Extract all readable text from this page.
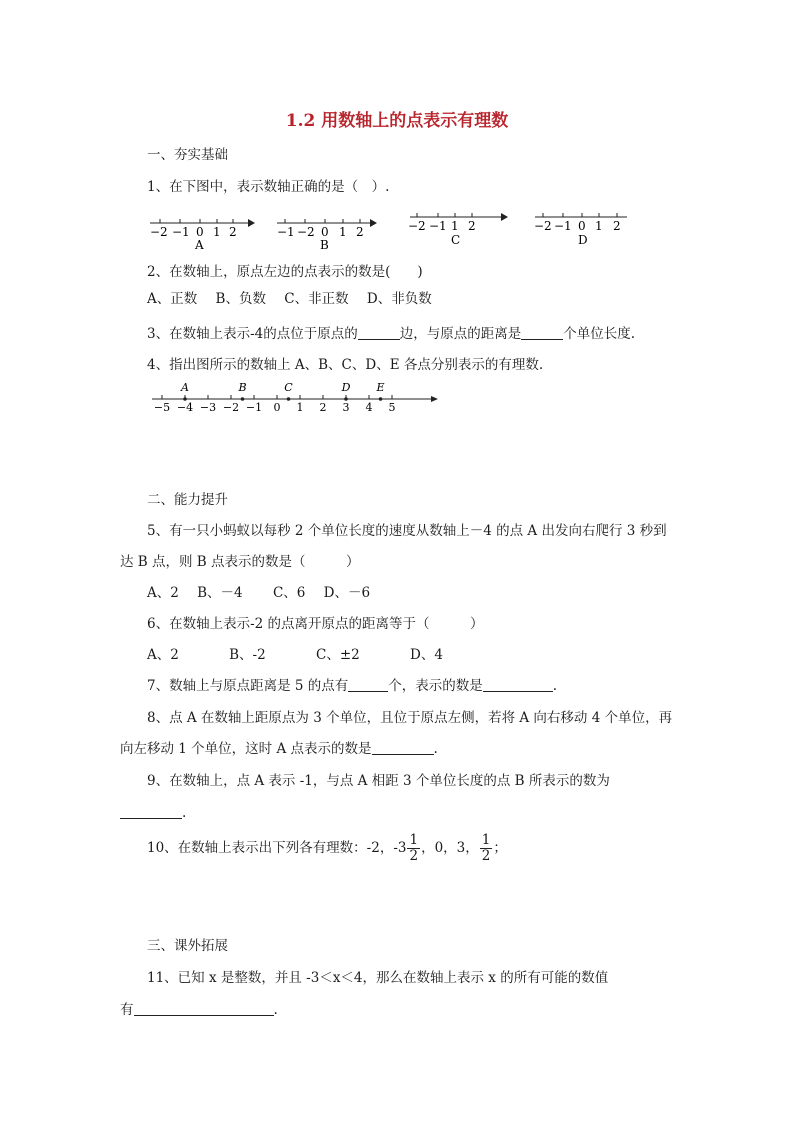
1.2 用数轴上的点表示有理数
一、夯实基础
1、在下图中，表示数轴正确的是（　）.
−2 −1 0 1 2
A
−1 −2 0 1 2
B
−2 −1 1 2
C
−2 −1 0 1 2
D
2、在数轴上，原点左边的点表示的数是(　　)
A、正数 B、负数 C、非正数 D、非负数
3、在数轴上表示-4的点位于原点的	边，与原点的距离是	个单位长度.
4、指出图所示的数轴上 A、B、C、D、E 各点分别表示的有理数.
−5 −4 −3 −2 −1 0 1 2 3 4 5
A	B	C	D E
二、能力提升
5、有一只小蚂蚁以每秒 2 个单位长度的速度从数轴上－4 的点 A 出发向右爬行 3 秒到
达 B 点，则 B 点表示的数是（　　　）
A、2 B、－4 C、6 D、－6
6、在数轴上表示-2 的点离开原点的距离等于（　　　）
A、2	B、-2	C、±2	D、4
7、数轴上与原点距离是 5 的点有	个，表示的数是	.
8、点 A 在数轴上距原点为 3 个单位，且位于原点左侧，若将 A 向右移动 4 个单位，再
向左移动 1 个单位，这时 A 点表示的数是	.
9、在数轴上，点 A 表示 -1，与点 A 相距 3 个单位长度的点 B 所表示的数为
.
10、在数轴上表示出下列各有理数：-2，$-3 \frac{1}{2}$ ，0，3， $\frac{1}{2}$ ；
三、课外拓展
11、已知 x 是整数，并且 -3＜x＜4，那么在数轴上表示 x 的所有可能的数值
有	.
